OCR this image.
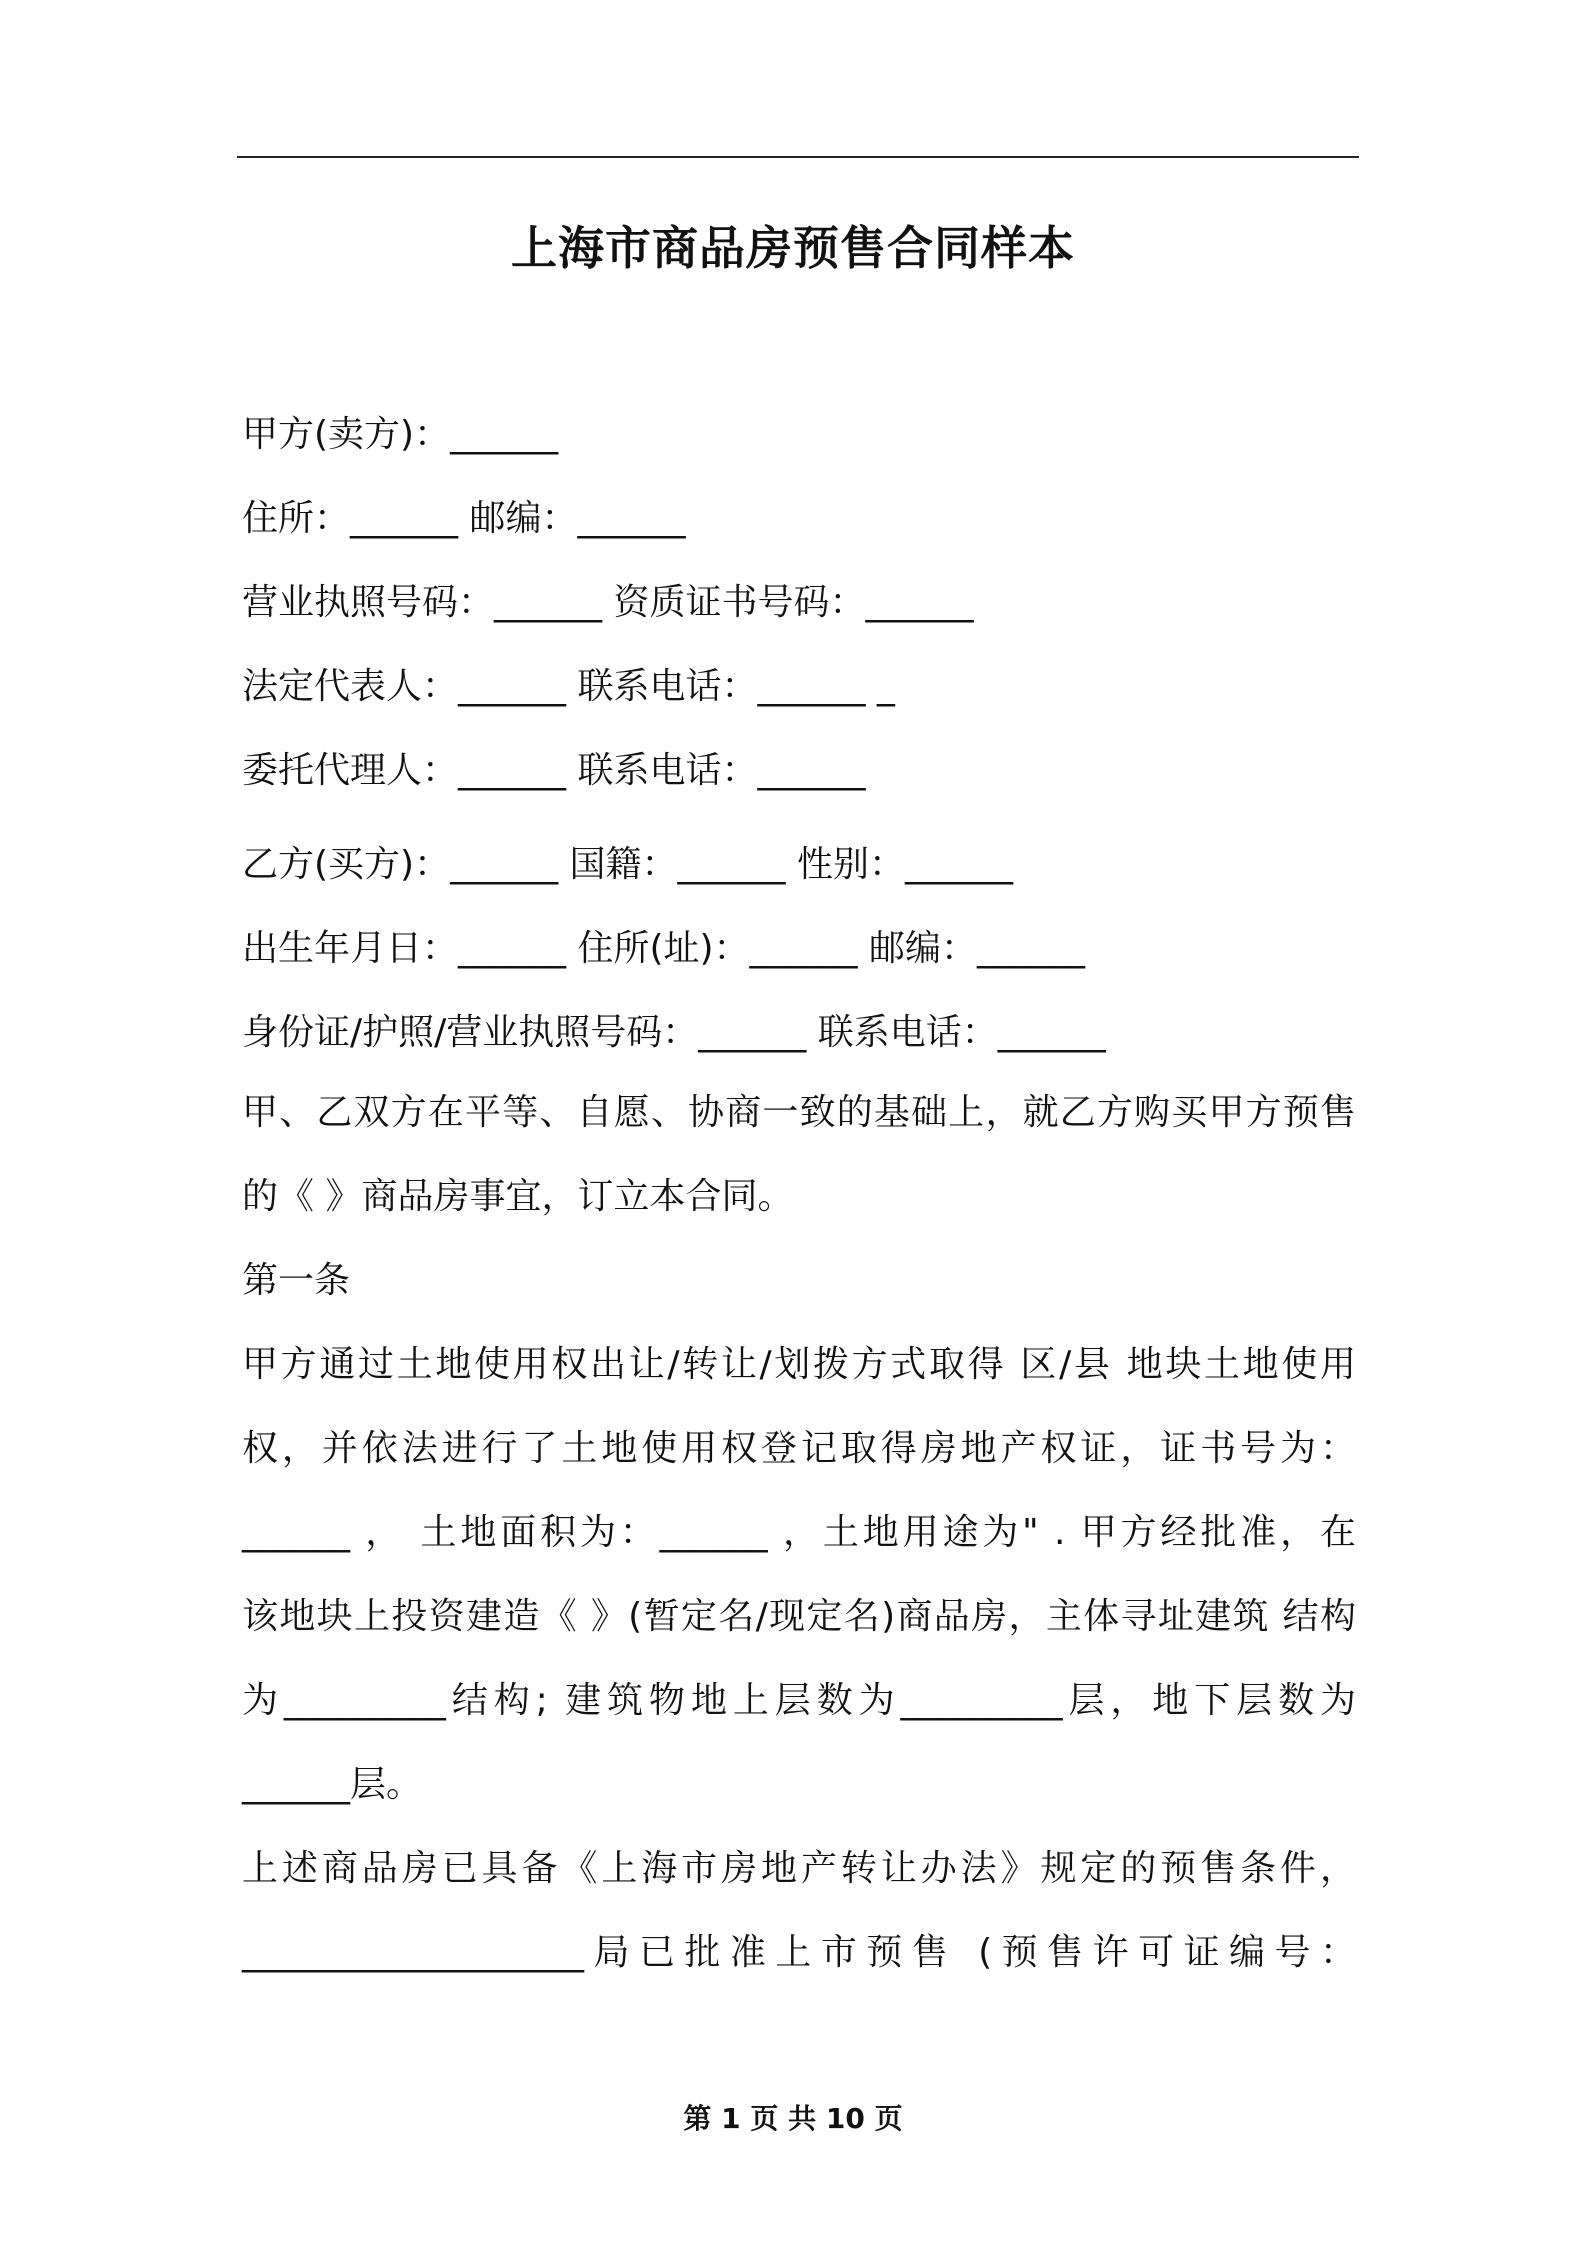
上海市商品房预售合同样本
甲方(卖方)：______
住所：______ 邮编：______
营业执照号码：______ 资质证书号码：______
法定代表人：______ 联系电话：______ _
委托代理人：______ 联系电话：______
乙方(买方)：______ 国籍：______ 性别：______
出生年月日：______ 住所(址)：______ 邮编：______
身份证/护照/营业执照号码：______ 联系电话：______
甲、乙双方在平等、自愿、协商一致的基础上，就乙方购买甲方预售
的《 》商品房事宜，订立本合同。
第一条
甲方通过土地使用权出让/转让/划拨方式取得 区/县 地块土地使用
权，并依法进行了土地使用权登记取得房地产权证，证书号为：
______ ， 土地面积为：______ ，土地用途为" . 甲方经批准，在
该地块上投资建造《 》(暂定名/现定名)商品房，主体寻址建筑 结构
为_________结构; 建筑物地上层数为_________层，地下层数为
______层。
上述商品房已具备《上海市房地产转让办法》规定的预售条件，
___________________局已批准上市预售 (预售许可证编号：
第 1 页 共 10 页
